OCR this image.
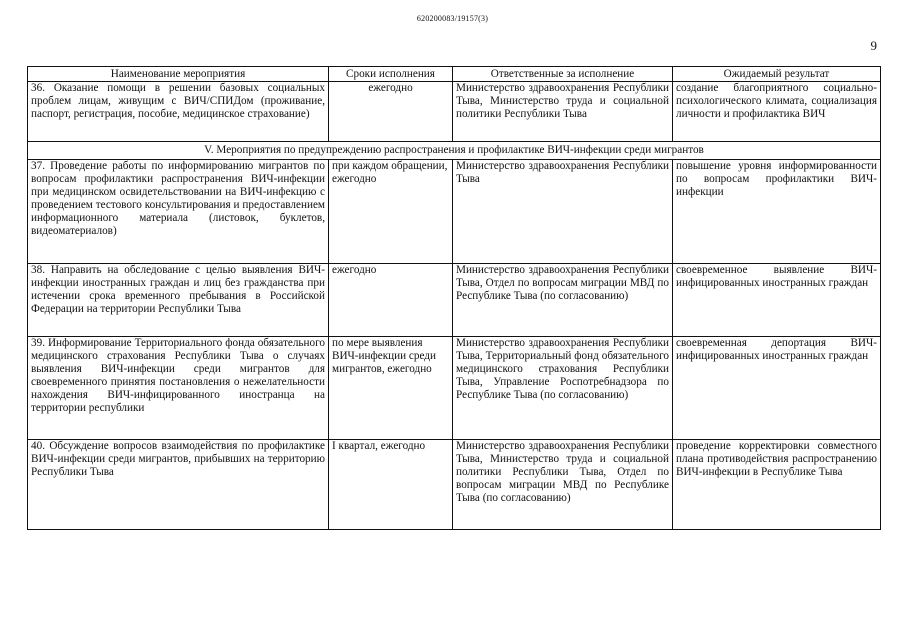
620200083/19157(3)
9
Наименование мероприятия	Сроки исполнения	Ответственные за исполнение	Ожидаемый результат
36. Оказание помощи в решении базовых социальных проблем лицам, живущим с ВИЧ/СПИДом (проживание, паспорт, регистрация, пособие, медицинское страхование)	ежегодно	Министерство здравоохранения Республики Тыва, Министерство труда и социальной политики Республики Тыва	создание благоприятного социально-психологического климата, социализация личности и профилактика ВИЧ
V. Мероприятия по предупреждению распространения и профилактике ВИЧ-инфекции среди мигрантов			
37. Проведение работы по информированию мигрантов по вопросам профилактики распространения ВИЧ-инфекции при медицинском освидетельствовании на ВИЧ-инфекцию с проведением тестового консультирования и предоставлением информационного материала (листовок, буклетов, видеоматериалов)	при каждом обращении, ежегодно	Министерство здравоохранения Республики Тыва	повышение уровня информированности по вопросам профилактики ВИЧ-инфекции
38. Направить на обследование с целью выявления ВИЧ-инфекции иностранных граждан и лиц без гражданства при истечении срока временного пребывания в Российской Федерации на территории Республики Тыва	ежегодно	Министерство здравоохранения Республики Тыва, Отдел по вопросам миграции МВД по Республике Тыва (по согласованию)	своевременное выявление ВИЧ-инфицированных иностранных граждан
39. Информирование Территориального фонда обязательного медицинского страхования Республики Тыва о случаях выявления ВИЧ-инфекции среди мигрантов для своевременного принятия постановления о нежелательности нахождения ВИЧ-инфицированного иностранца на территории республики	по мере выявления ВИЧ-инфекции среди мигрантов, ежегодно	Министерство здравоохранения Республики Тыва, Территориальный фонд обязательного медицинского страхования Республики Тыва, Управление Роспотребнадзора по Республике Тыва (по согласованию)	своевременная депортация ВИЧ-инфицированных иностранных граждан
40. Обсуждение вопросов взаимодействия по профилактике ВИЧ-инфекции среди мигрантов, прибывших на территорию Республики Тыва	I квартал, ежегодно	Министерство здравоохранения Республики Тыва, Министерство труда и социальной политики Республики Тыва, Отдел по вопросам миграции МВД по Республике Тыва (по согласованию)	проведение корректировки совместного плана противодействия распространению ВИЧ-инфекции в Республике Тыва
